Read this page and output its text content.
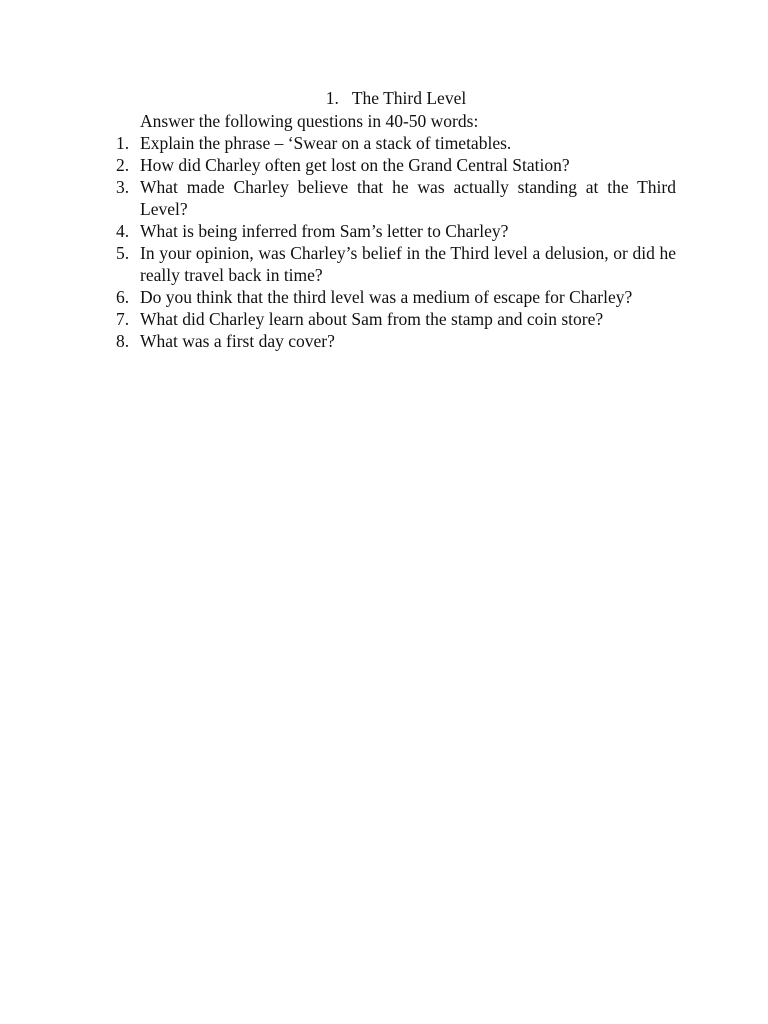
1. The Third Level
Answer the following questions in 40-50 words:
1. Explain the phrase – ‘Swear on a stack of timetables.
2. How did Charley often get lost on the Grand Central Station?
3. What made Charley believe that he was actually standing at the Third Level?
4. What is being inferred from Sam’s letter to Charley?
5. In your opinion, was Charley’s belief in the Third level a delusion, or did he really travel back in time?
6. Do you think that the third level was a medium of escape for Charley?
7. What did Charley learn about Sam from the stamp and coin store?
8. What was a first day cover?
